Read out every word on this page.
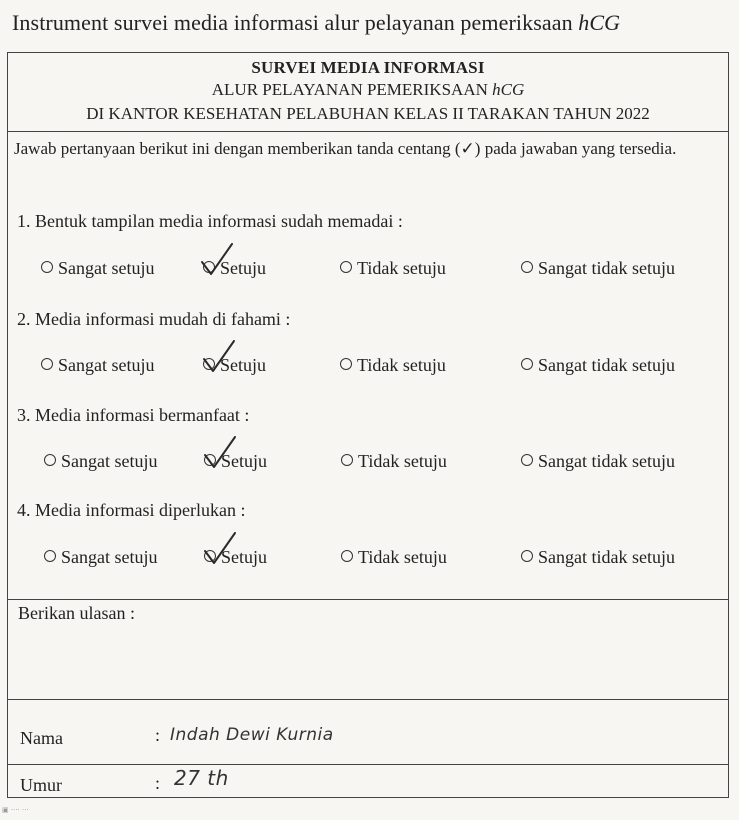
Instrument survei media informasi alur pelayanan pemeriksaan hCG
SURVEI MEDIA INFORMASI
ALUR PELAYANAN PEMERIKSAAN hCG
DI KANTOR KESEHATAN PELABUHAN KELAS II TARAKAN TAHUN 2022
Jawab pertanyaan berikut ini dengan memberikan tanda centang (✓) pada jawaban yang tersedia.
1. Bentuk tampilan media informasi sudah memadai :
Sangat setuju	Setuju	Tidak setuju	Sangat tidak setuju
2. Media informasi mudah di fahami :
Sangat setuju	Setuju	Tidak setuju	Sangat tidak setuju
3. Media informasi bermanfaat :
Sangat setuju	Setuju	Tidak setuju	Sangat tidak setuju
4. Media informasi diperlukan :
Sangat setuju	Setuju	Tidak setuju	Sangat tidak setuju
Berikan ulasan :
Nama	: Indah Dewi Kurnia
Umur	: 27 th
▣ ···· ···
